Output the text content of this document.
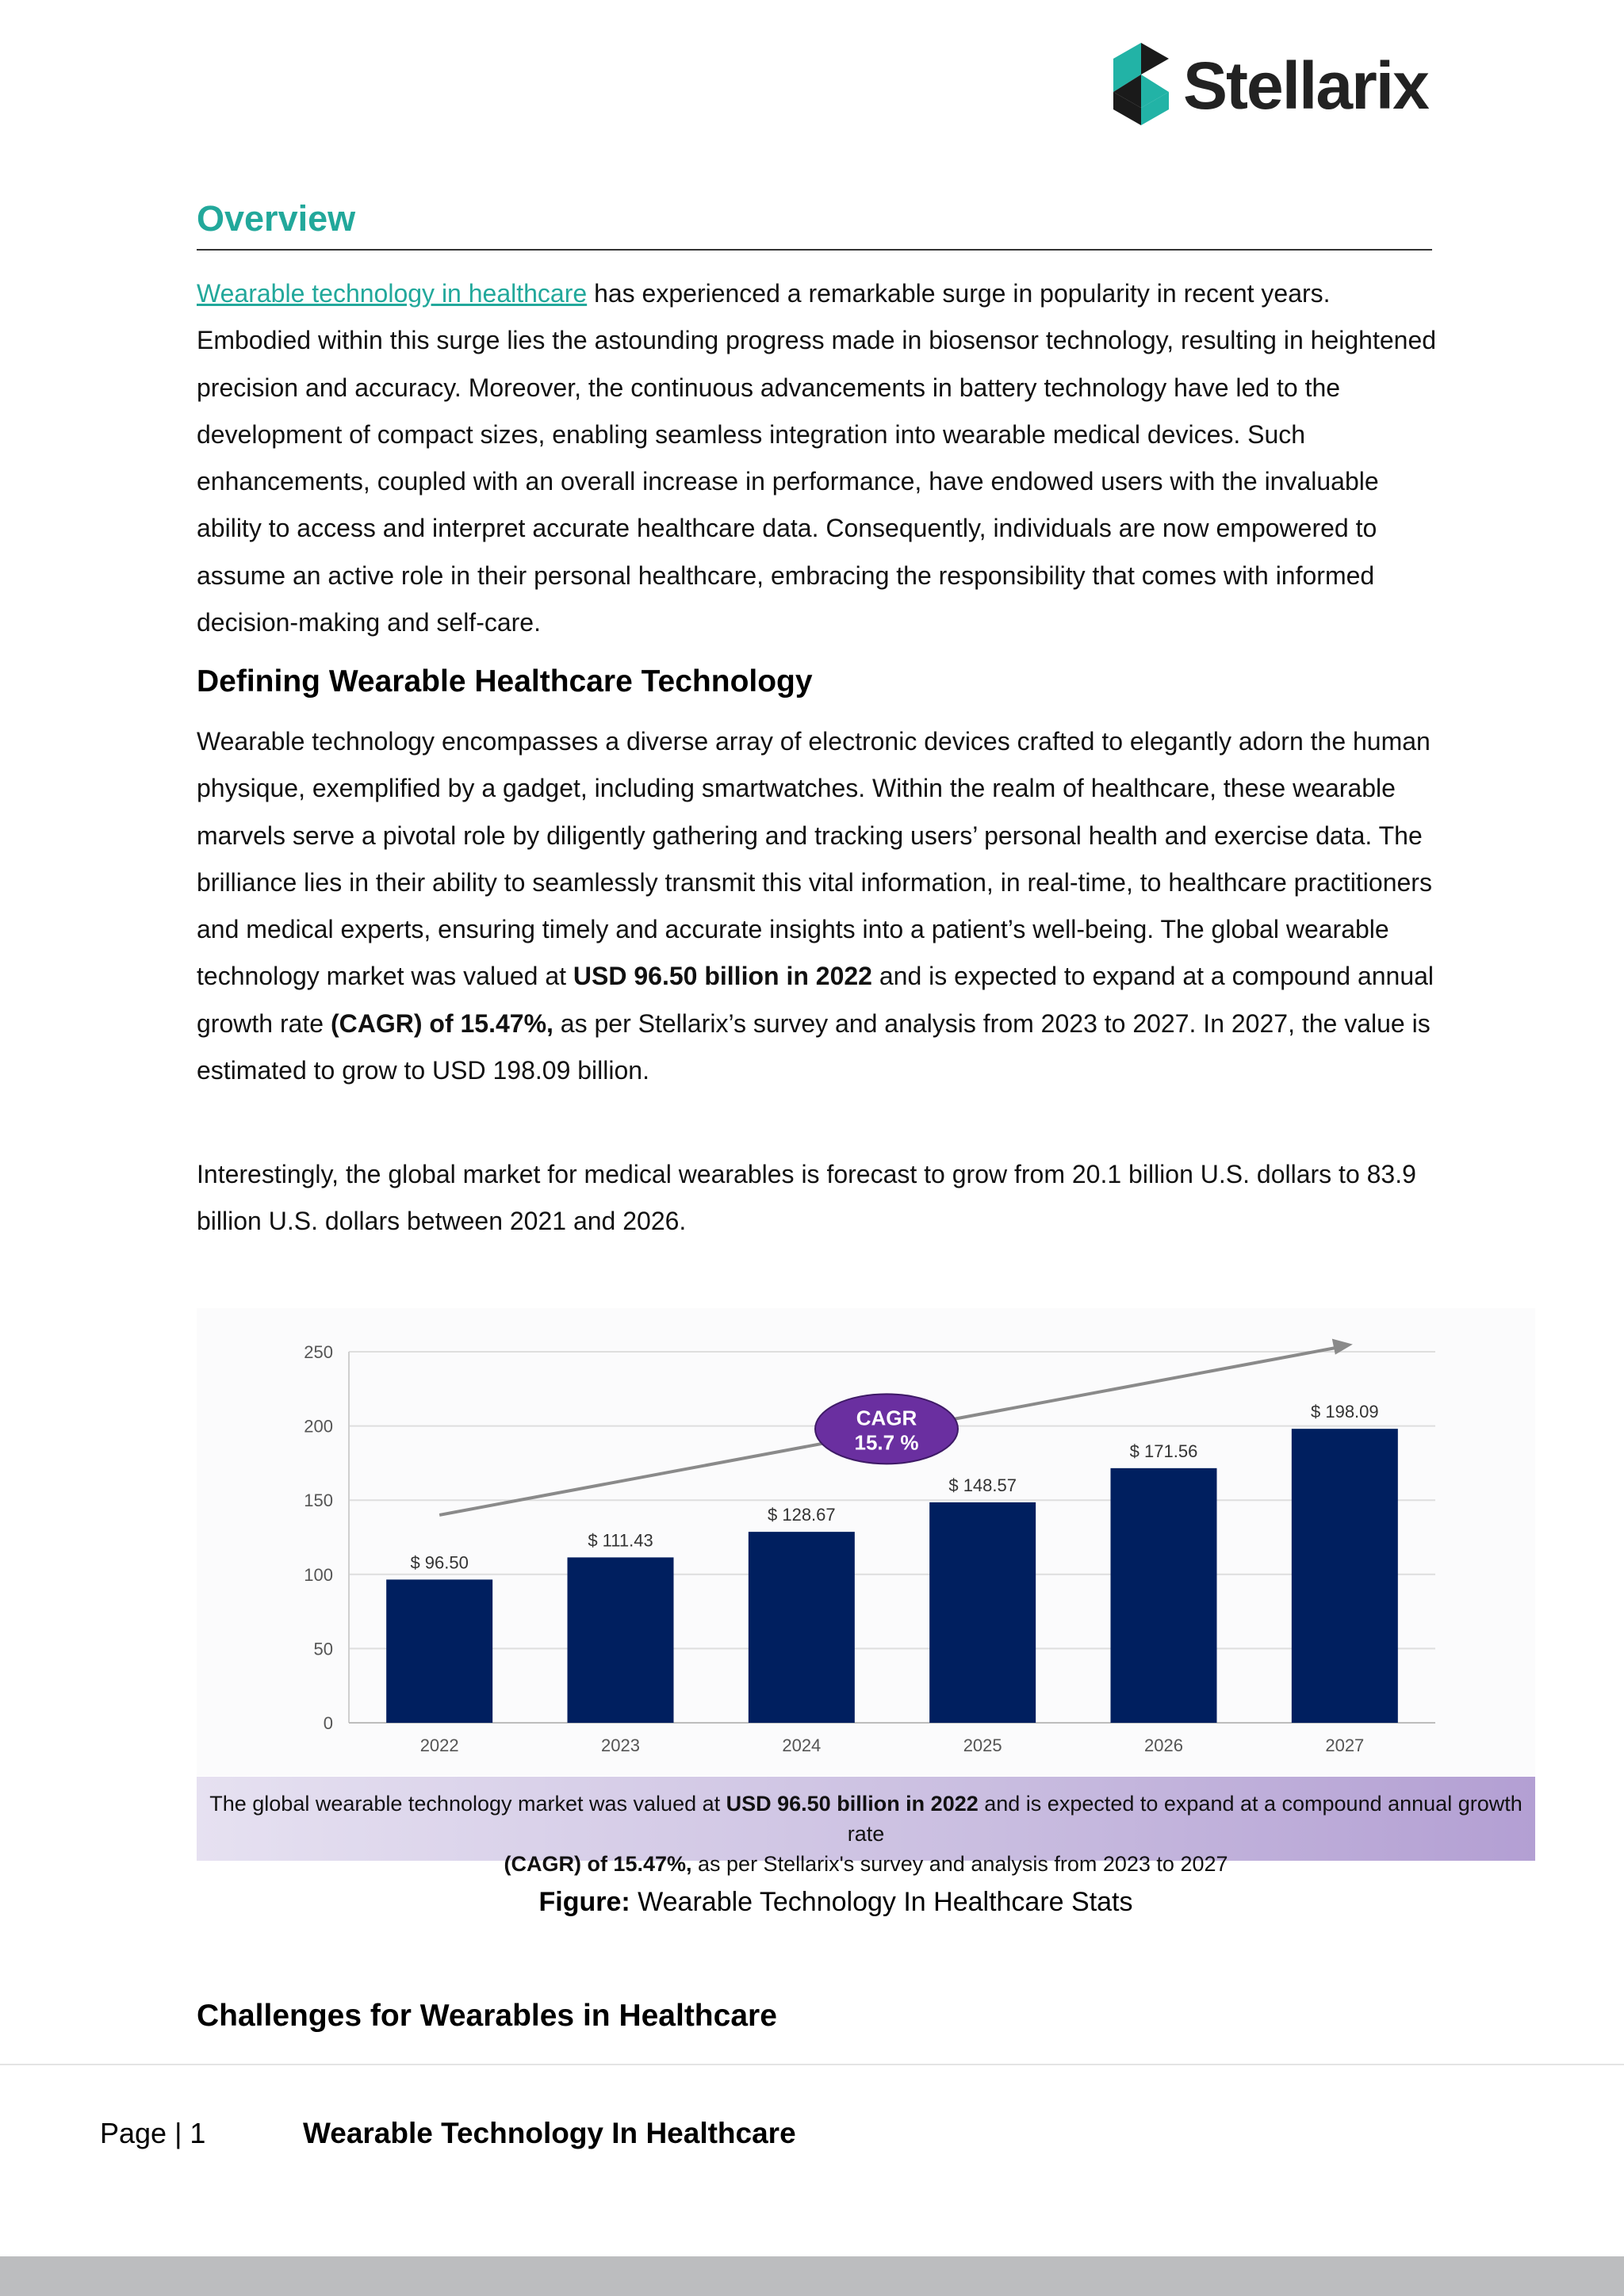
Stellarix
Overview

Wearable technology in healthcare has experienced a remarkable surge in popularity in recent years. Embodied within this surge lies the astounding progress made in biosensor technology, resulting in heightened precision and accuracy. Moreover, the continuous advancements in battery technology have led to the development of compact sizes, enabling seamless integration into wearable medical devices. Such enhancements, coupled with an overall increase in performance, have endowed users with the invaluable ability to access and interpret accurate healthcare data. Consequently, individuals are now empowered to assume an active role in their personal healthcare, embracing the responsibility that comes with informed decision-making and self-care.

Defining Wearable Healthcare Technology

Wearable technology encompasses a diverse array of electronic devices crafted to elegantly adorn the human physique, exemplified by a gadget, including smartwatches. Within the realm of healthcare, these wearable marvels serve a pivotal role by diligently gathering and tracking users’ personal health and exercise data. The brilliance lies in their ability to seamlessly transmit this vital information, in real-time, to healthcare practitioners and medical experts, ensuring timely and accurate insights into a patient’s well-being. The global wearable technology market was valued at USD 96.50 billion in 2022 and is expected to expand at a compound annual growth rate (CAGR) of 15.47%, as per Stellarix’s survey and analysis from 2023 to 2027. In 2027, the value is estimated to grow to USD 198.09 billion.

Interestingly, the global market for medical wearables is forecast to grow from 20.1 billion U.S. dollars to 83.9 billion U.S. dollars between 2021 and 2026.

0
50
100
150
200
250
$ 96.50
2022
$ 111.43
2023
$ 128.67
2024
$ 148.57
2025
$ 171.56
2026
$ 198.09
2027
CAGR
15.7 %
The global wearable technology market was valued at USD 96.50 billion in 2022 and is expected to expand at a compound annual growth rate
(CAGR) of 15.47%, as per Stellarix's survey and analysis from 2023 to 2027
Figure: Wearable Technology In Healthcare Stats
Challenges for Wearables in Healthcare
Page | 1	Wearable Technology In Healthcare
